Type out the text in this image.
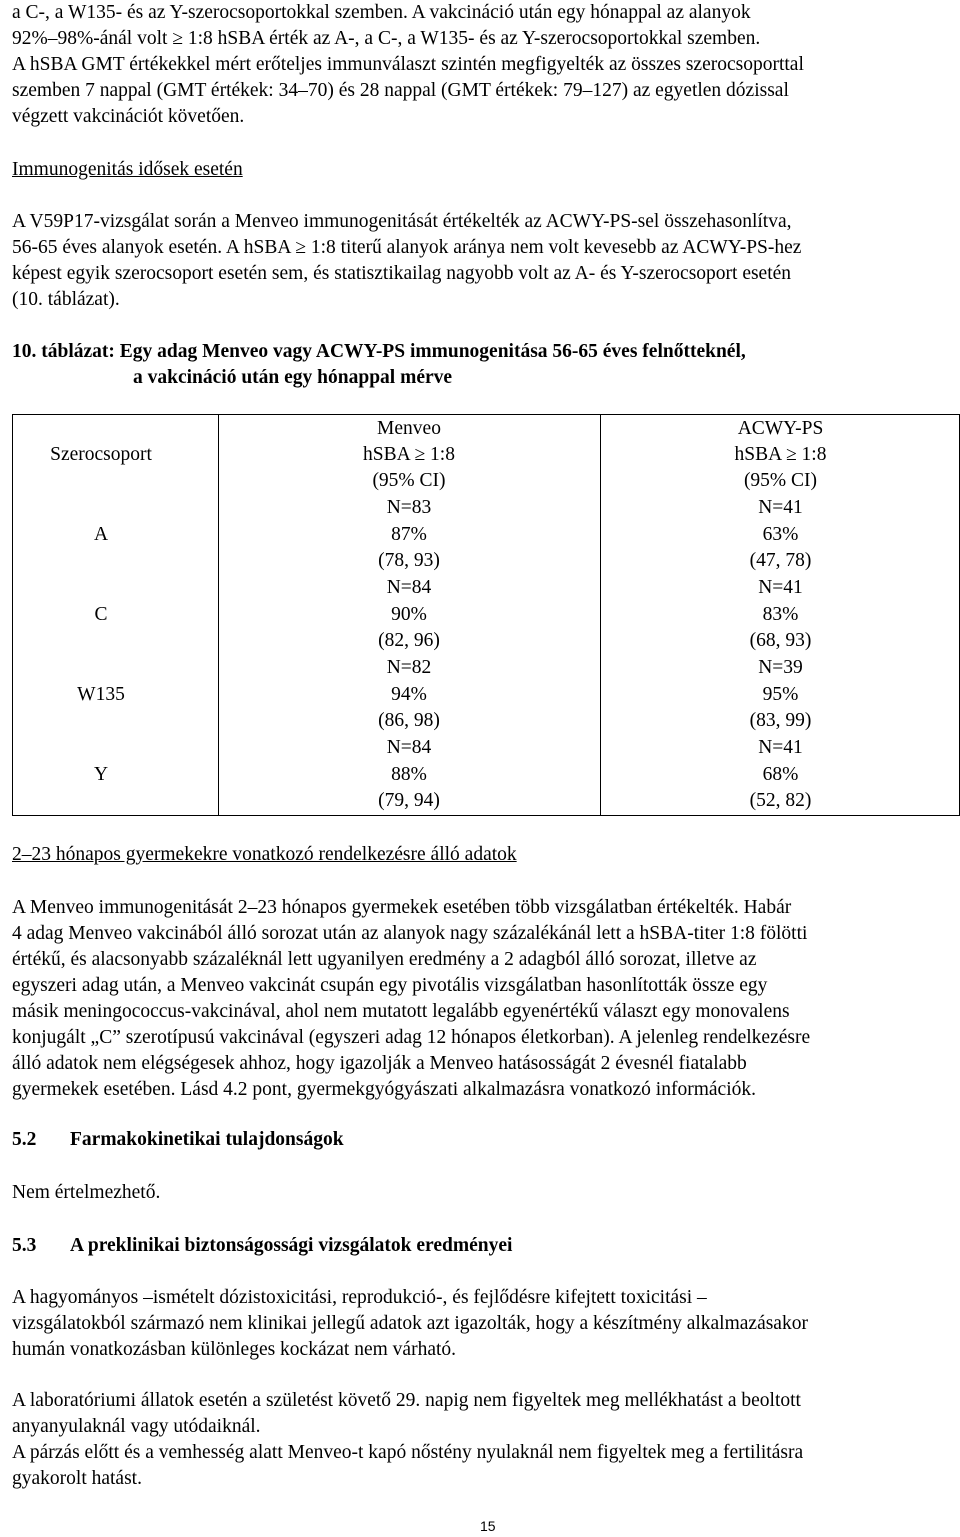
a C-, a W135- és az Y-szerocsoportokkal szemben. A vakcináció után egy hónappal az alanyok

92%–98%-ánál volt ≥ 1:8 hSBA érték az A-, a C-, a W135- és az Y-szerocsoportokkal szemben.

A hSBA GMT értékekkel mért erőteljes immunválaszt szintén megfigyelték az összes szerocsoporttal

szemben 7 nappal (GMT értékek: 34–70) és 28 nappal (GMT értékek: 79–127) az egyetlen dózissal

végzett vakcinációt követően.

Immunogenitás idősek esetén

A V59P17-vizsgálat során a Menveo immunogenitását értékelték az ACWY-PS-sel összehasonlítva,

56-65 éves alanyok esetén. A hSBA ≥ 1:8 titerű alanyok aránya nem volt kevesebb az ACWY-PS-hez

képest egyik szerocsoport esetén sem, és statisztikailag nagyobb volt az A- és Y-szerocsoport esetén

(10. táblázat).

10. táblázat: Egy adag Menveo vagy ACWY-PS immunogenitása 56-65 éves felnőtteknél,

a vakcináció után egy hónappal mérve

Szerocsoport
Menveo
hSBA ≥ 1:8
(95% CI)
ACWY-PS
hSBA ≥ 1:8
(95% CI)
A
N=83
87%
(78, 93)
N=41
63%
(47, 78)
C
N=84
90%
(82, 96)
N=41
83%
(68, 93)
W135
N=82
94%
(86, 98)
N=39
95%
(83, 99)
Y
N=84
88%
(79, 94)
N=41
68%
(52, 82)

2–23 hónapos gyermekekre vonatkozó rendelkezésre álló adatok

A Menveo immunogenitását 2–23 hónapos gyermekek esetében több vizsgálatban értékelték. Habár

4 adag Menveo vakcinából álló sorozat után az alanyok nagy százalékánál lett a hSBA-titer 1:8 fölötti

értékű, és alacsonyabb százaléknál lett ugyanilyen eredmény a 2 adagból álló sorozat, illetve az

egyszeri adag után, a Menveo vakcinát csupán egy pivotális vizsgálatban hasonlították össze egy

másik meningococcus-vakcinával, ahol nem mutatott legalább egyenértékű választ egy monovalens

konjugált „C” szerotípusú vakcinával (egyszeri adag 12 hónapos életkorban). A jelenleg rendelkezésre

álló adatok nem elégségesek ahhoz, hogy igazolják a Menveo hatásosságát 2 évesnél fiatalabb

gyermekek esetében. Lásd 4.2 pont, gyermekgyógyászati alkalmazásra vonatkozó információk.

5.2 Farmakokinetikai tulajdonságok

Nem értelmezhető.

5.3 A preklinikai biztonságossági vizsgálatok eredményei

A hagyományos –ismételt dózistoxicitási, reprodukció-, és fejlődésre kifejtett toxicitási –

vizsgálatokból származó nem klinikai jellegű adatok azt igazolták, hogy a készítmény alkalmazásakor

humán vonatkozásban különleges kockázat nem várható.

A laboratóriumi állatok esetén a születést követő 29. napig nem figyeltek meg mellékhatást a beoltott

anyanyulaknál vagy utódaiknál.

A párzás előtt és a vemhesség alatt Menveo-t kapó nőstény nyulaknál nem figyeltek meg a fertilitásra

gyakorolt hatást.

15
